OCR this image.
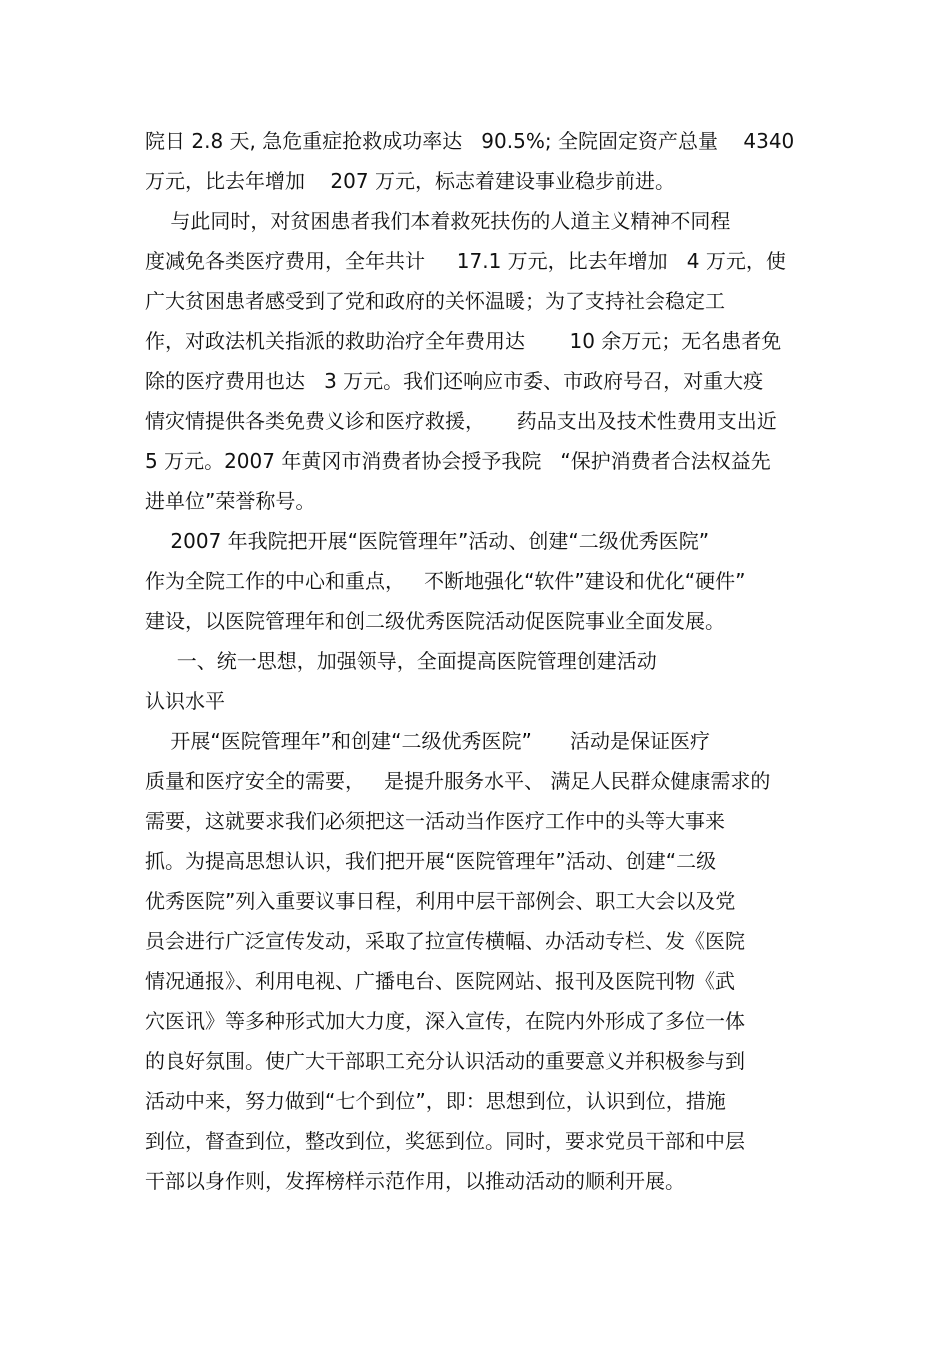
院日 2.8 天, 急危重症抢救成功率达   90.5%; 全院固定资产总量    4340
万元，比去年增加    207 万元，标志着建设事业稳步前进。
与此同时，对贫困患者我们本着救死扶伤的人道主义精神不同程
度减免各类医疗费用，全年共计     17.1 万元，比去年增加   4 万元，使
广大贫困患者感受到了党和政府的关怀温暖；为了支持社会稳定工
作，对政法机关指派的救助治疗全年费用达       10 余万元；无名患者免
除的医疗费用也达   3 万元。我们还响应市委、市政府号召，对重大疫
情灾情提供各类免费义诊和医疗救援，     药品支出及技术性费用支出近
5 万元。2007 年黄冈市消费者协会授予我院   “保护消费者合法权益先
进单位”荣誉称号。
2007 年我院把开展“医院管理年”活动、创建“二级优秀医院”
作为全院工作的中心和重点，   不断地强化“软件”建设和优化“硬件”
建设，以医院管理年和创二级优秀医院活动促医院事业全面发展。
一、统一思想，加强领导，全面提高医院管理创建活动
认识水平
开展“医院管理年”和创建“二级优秀医院”      活动是保证医疗
质量和医疗安全的需要，   是提升服务水平、 满足人民群众健康需求的
需要，这就要求我们必须把这一活动当作医疗工作中的头等大事来
抓。为提高思想认识，我们把开展“医院管理年”活动、创建“二级
优秀医院”列入重要议事日程，利用中层干部例会、职工大会以及党
员会进行广泛宣传发动，采取了拉宣传横幅、办活动专栏、发《医院
情况通报》、利用电视、广播电台、医院网站、报刊及医院刊物《武
穴医讯》等多种形式加大力度，深入宣传，在院内外形成了多位一体
的良好氛围。使广大干部职工充分认识活动的重要意义并积极参与到
活动中来，努力做到“七个到位”，即：思想到位，认识到位，措施
到位，督查到位，整改到位，奖惩到位。同时，要求党员干部和中层
干部以身作则，发挥榜样示范作用，以推动活动的顺利开展。
